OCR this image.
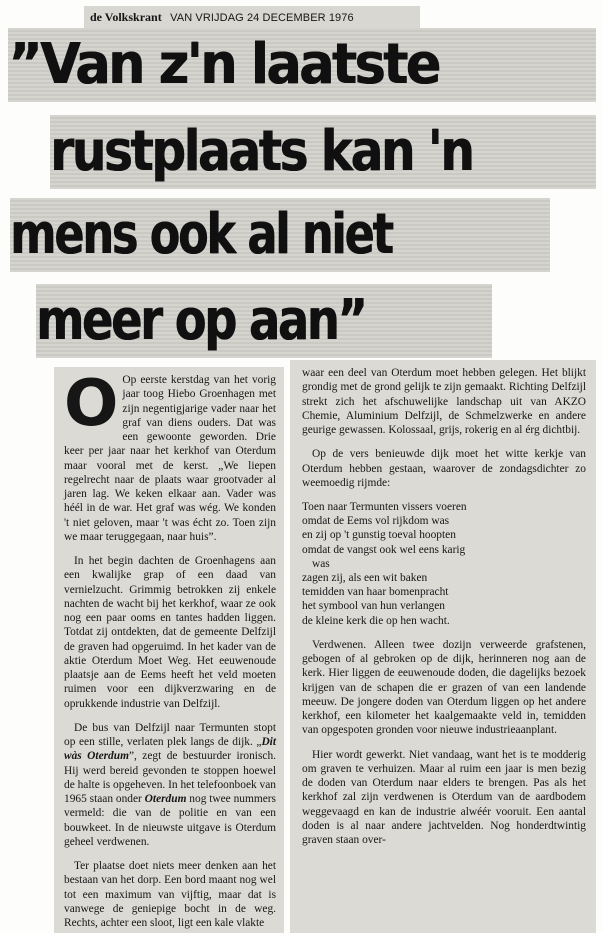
de Volkskrant VAN VRIJDAG 24 DECEMBER 1976
”Van z'n laatste
rustplaats kan 'n
mens ook al niet
meer op aan”

O Op eerste kerstdag van het vorig jaar toog Hiebo Groenhagen met zijn negentigjarige vader naar het graf van diens ouders. Dat was een gewoonte geworden. Drie keer per jaar naar het kerkhof van Oterdum maar vooral met de kerst. „We liepen regelrecht naar de plaats waar grootvader al jaren lag. We keken elkaar aan. Vader was héél in de war. Het graf was wég. We konden 't niet geloven, maar 't was écht zo. Toen zijn we maar teruggegaan, naar huis”.

In het begin dachten de Groenhagens aan een kwalijke grap of een daad van vernielzucht. Grimmig betrokken zij enkele nachten de wacht bij het kerkhof, waar ze ook nog een paar ooms en tantes hadden liggen. Totdat zij ontdekten, dat de gemeente Delfzijl de graven had opgeruimd. In het kader van de aktie Oterdum Moet Weg. Het eeuwenoude plaatsje aan de Eems heeft het veld moeten ruimen voor een dijkverzwaring en de oprukkende industrie van Delfzijl.

De bus van Delfzijl naar Termunten stopt op een stille, verlaten plek langs de dijk. „Dit wàs Oterdum”, zegt de bestuurder ironisch. Hij werd bereid gevonden te stoppen hoewel de halte is opgeheven. In het telefoonboek van 1965 staan onder Oterdum nog twee nummers vermeld: die van de politie en van een bouwkeet. In de nieuwste uitgave is Oterdum geheel verdwenen.

Ter plaatse doet niets meer denken aan het bestaan van het dorp. Een bord maant nog wel tot een maximum van vijftig, maar dat is vanwege de geniepige bocht in de weg. Rechts, achter een sloot, ligt een kale vlakte

waar een deel van Oterdum moet hebben gelegen. Het blijkt grondig met de grond gelijk te zijn gemaakt. Richting Delfzijl strekt zich het afschuwelijke landschap uit van AKZO Chemie, Aluminium Delfzijl, de Schmelzwerke en andere geurige gewassen. Kolossaal, grijs, rokerig en al érg dichtbij.

Op de vers benieuwde dijk moet het witte kerkje van Oterdum hebben gestaan, waarover de zondagsdichter zo weemoedig rijmde:

Toen naar Termunten vissers voeren
omdat de Eems vol rijkdom was
en zij op 't gunstig toeval hoopten
omdat de vangst ook wel eens karig
was
zagen zij, als een wit baken
temidden van haar bomenpracht
het symbool van hun verlangen
de kleine kerk die op hen wacht.

Verdwenen. Alleen twee dozijn verweerde grafstenen, gebogen of al gebroken op de dijk, herinneren nog aan de kerk. Hier liggen de eeuwenoude doden, die dagelijks bezoek krijgen van de schapen die er grazen of van een landende meeuw. De jongere doden van Oterdum liggen op het andere kerkhof, een kilometer het kaalgemaakte veld in, temidden van opgespoten gronden voor nieuwe industrieaanplant.

Hier wordt gewerkt. Niet vandaag, want het is te modderig om graven te verhuizen. Maar al ruim een jaar is men bezig de doden van Oterdum naar elders te brengen. Pas als het kerkhof zal zijn verdwenen is Oterdum van de aardbodem weggevaagd en kan de industrie alwéér vooruit. Een aantal doden is al naar andere jachtvelden. Nog honderdtwintig graven staan over-
